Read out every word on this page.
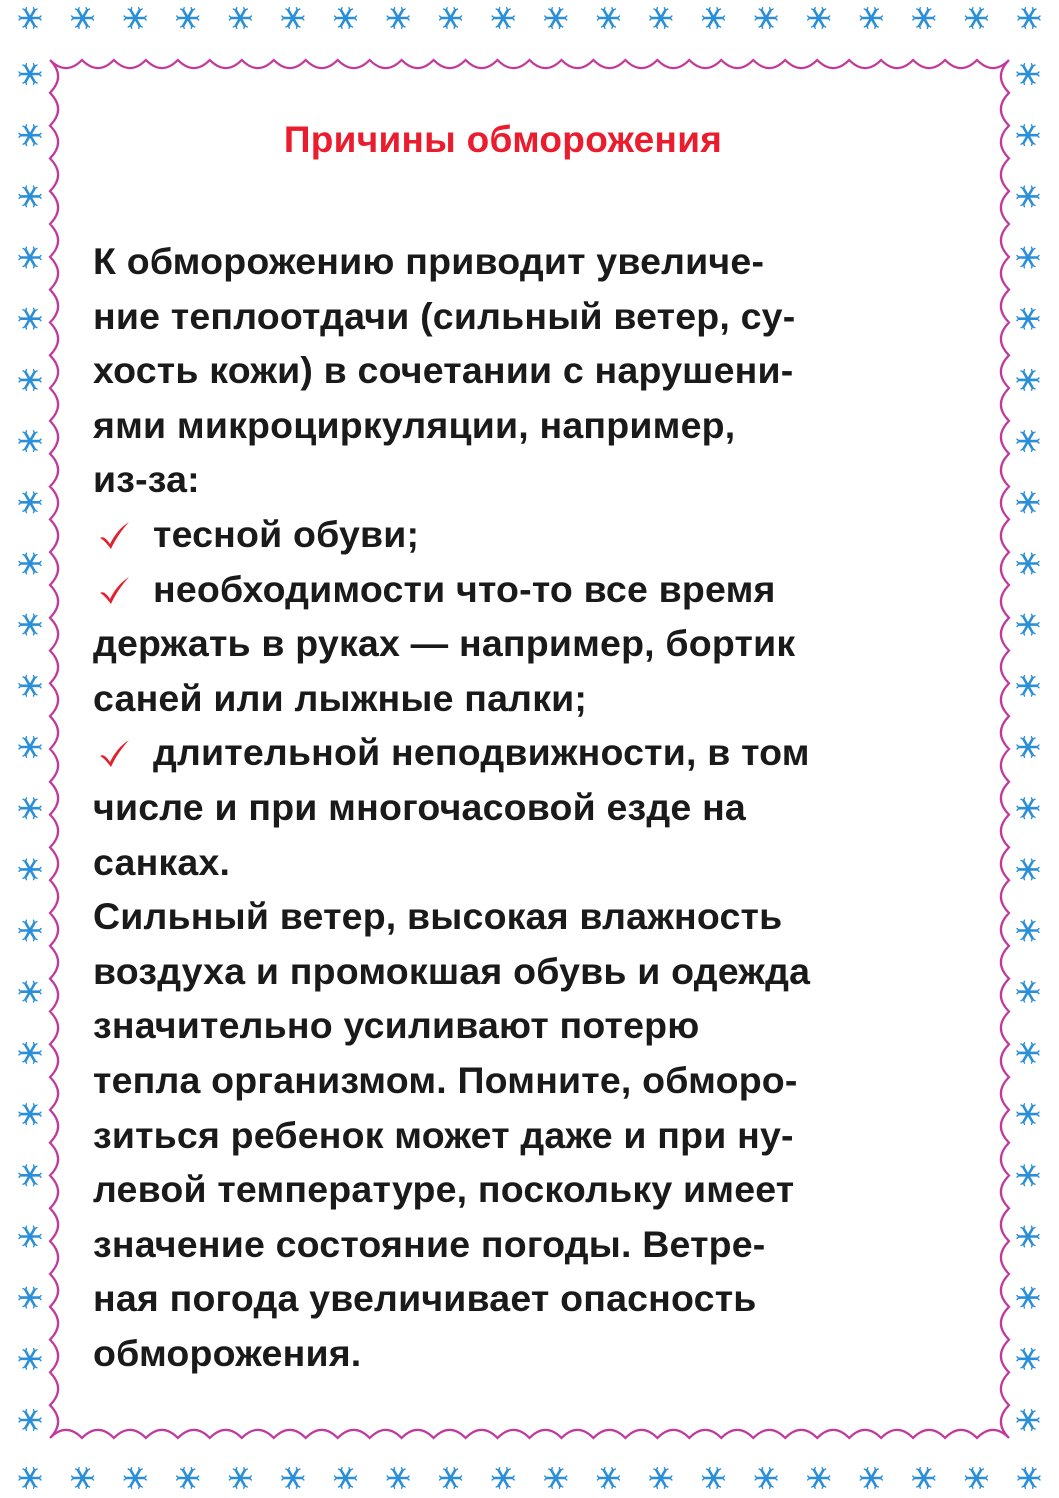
Причины обморожения
К обморожению приводит увеличе-
ние теплоотдачи (сильный ветер, су-
хость кожи) в сочетании с нарушени-
ями микроциркуляции, например,
из-за:
тесной обуви;
необходимости что-то все время
держать в руках — например, бортик
саней или лыжные палки;
длительной неподвижности, в том
числе и при многочасовой езде на
санках.
Сильный ветер, высокая влажность
воздуха и промокшая обувь и одежда
значительно усиливают потерю
тепла организмом. Помните, обморо-
зиться ребенок может даже и при ну-
левой температуре, поскольку имеет
значение состояние погоды. Ветре-
ная погода увеличивает опасность
обморожения.
